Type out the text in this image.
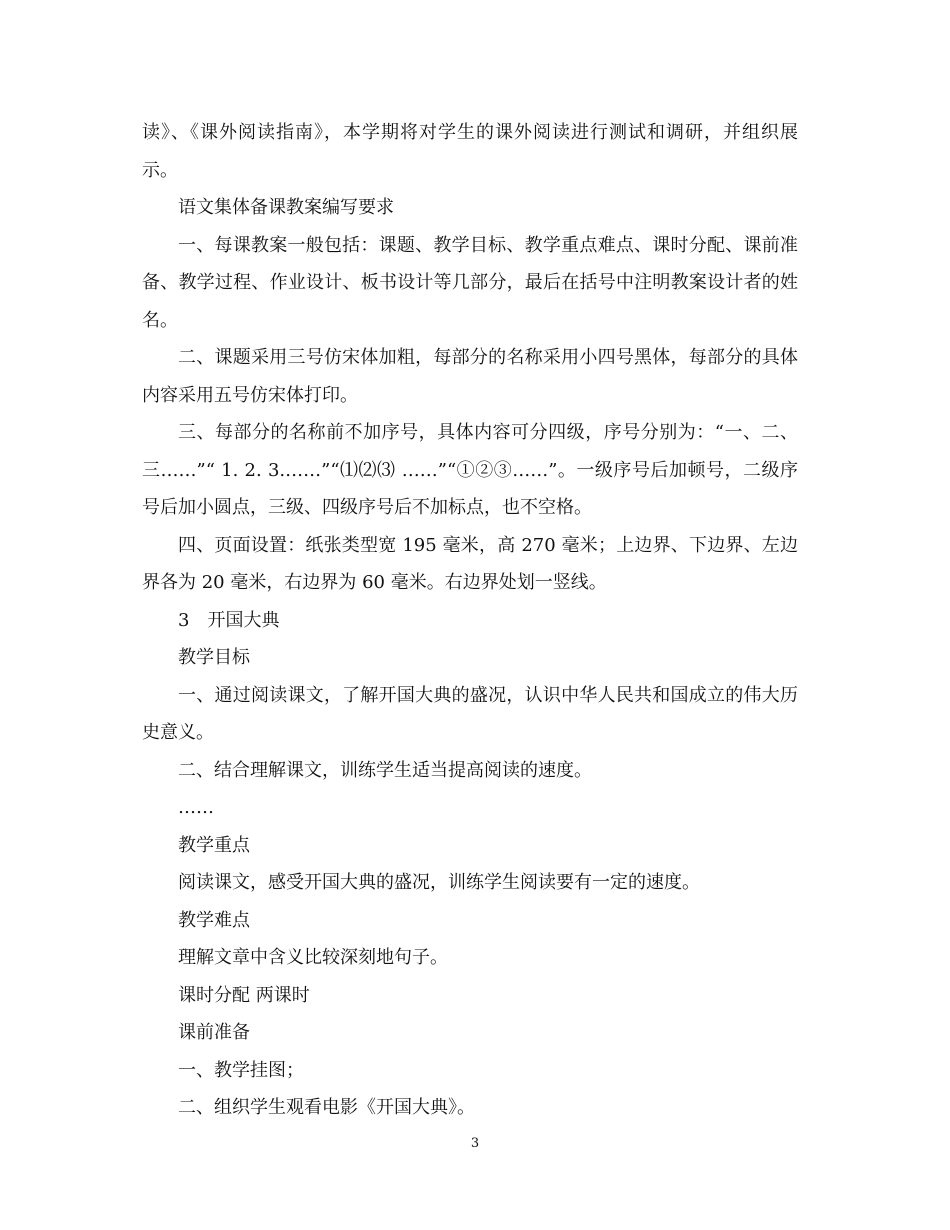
读》、《课外阅读指南》，本学期将对学生的课外阅读进行测试和调研，并组织展示。

语文集体备课教案编写要求

一、每课教案一般包括：课题、教学目标、教学重点难点、课时分配、课前准备、教学过程、作业设计、板书设计等几部分，最后在括号中注明教案设计者的姓名。

二、课题采用三号仿宋体加粗，每部分的名称采用小四号黑体，每部分的具体内容采用五号仿宋体打印。

三、每部分的名称前不加序号，具体内容可分四级，序号分别为：“一、二、三……”“ 1. 2. 3.……”“⑴⑵⑶ ……”“①②③……”。一级序号后加顿号，二级序号后加小圆点，三级、四级序号后不加标点，也不空格。

四、页面设置：纸张类型宽 195 毫米，高 270 毫米；上边界、下边界、左边界各为 20 毫米，右边界为 60 毫米。右边界处划一竖线。

3　开国大典

教学目标

一、通过阅读课文，了解开国大典的盛况，认识中华人民共和国成立的伟大历史意义。

二、结合理解课文，训练学生适当提高阅读的速度。

……

教学重点

阅读课文，感受开国大典的盛况，训练学生阅读要有一定的速度。

教学难点

理解文章中含义比较深刻地句子。

课时分配 两课时

课前准备

一、教学挂图；

二、组织学生观看电影《开国大典》。

3
